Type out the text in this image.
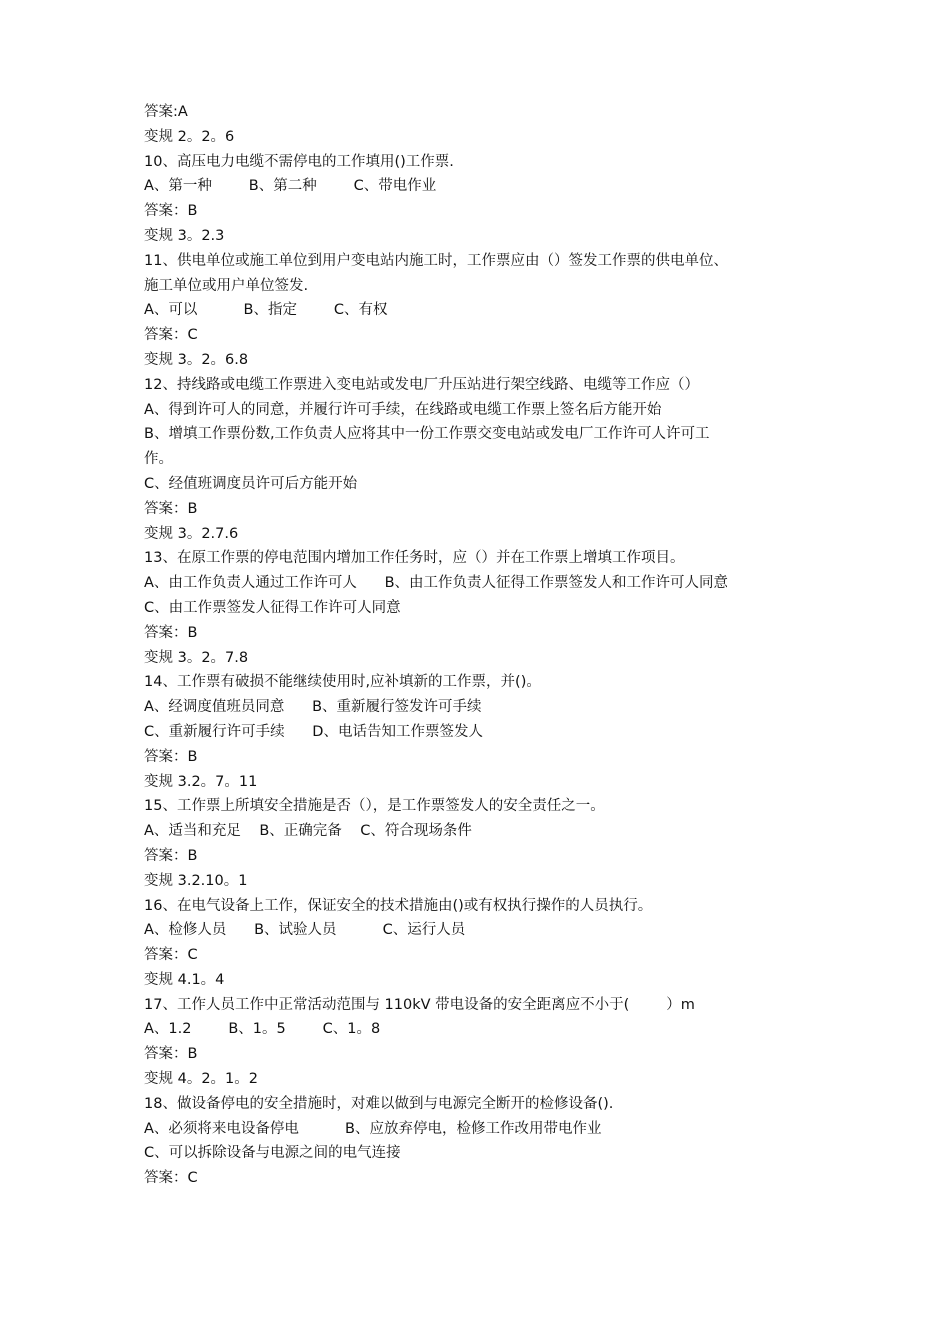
答案:A
变规 2。2。6
10、高压电力电缆不需停电的工作填用()工作票.
A、第一种        B、第二种        C、带电作业
答案：B
变规 3。2.3
11、供电单位或施工单位到用户变电站内施工时，工作票应由（）签发工作票的供电单位、
施工单位或用户单位签发.
A、可以          B、指定        C、有权
答案：C
变规 3。2。6.8
12、持线路或电缆工作票进入变电站或发电厂升压站进行架空线路、电缆等工作应（）
A、得到许可人的同意，并履行许可手续，在线路或电缆工作票上签名后方能开始
B、增填工作票份数,工作负责人应将其中一份工作票交变电站或发电厂工作许可人许可工
作。
C、经值班调度员许可后方能开始
答案：B
变规 3。2.7.6
13、在原工作票的停电范围内增加工作任务时，应（）并在工作票上增填工作项目。
A、由工作负责人通过工作许可人      B、由工作负责人征得工作票签发人和工作许可人同意
C、由工作票签发人征得工作许可人同意
答案：B
变规 3。2。7.8
14、工作票有破损不能继续使用时,应补填新的工作票，并()。
A、经调度值班员同意      B、重新履行签发许可手续
C、重新履行许可手续      D、电话告知工作票签发人
答案：B
变规 3.2。7。11
15、工作票上所填安全措施是否（），是工作票签发人的安全责任之一。
A、适当和充足    B、正确完备    C、符合现场条件
答案：B
变规 3.2.10。1
16、在电气设备上工作，保证安全的技术措施由()或有权执行操作的人员执行。
A、检修人员      B、试验人员          C、运行人员
答案：C
变规 4.1。4
17、工作人员工作中正常活动范围与 110kV 带电设备的安全距离应不小于(        ）m
A、1.2        B、1。5        C、1。8
答案：B
变规 4。2。1。2
18、做设备停电的安全措施时，对难以做到与电源完全断开的检修设备().
A、必须将来电设备停电          B、应放弃停电，检修工作改用带电作业
C、可以拆除设备与电源之间的电气连接
答案：C
